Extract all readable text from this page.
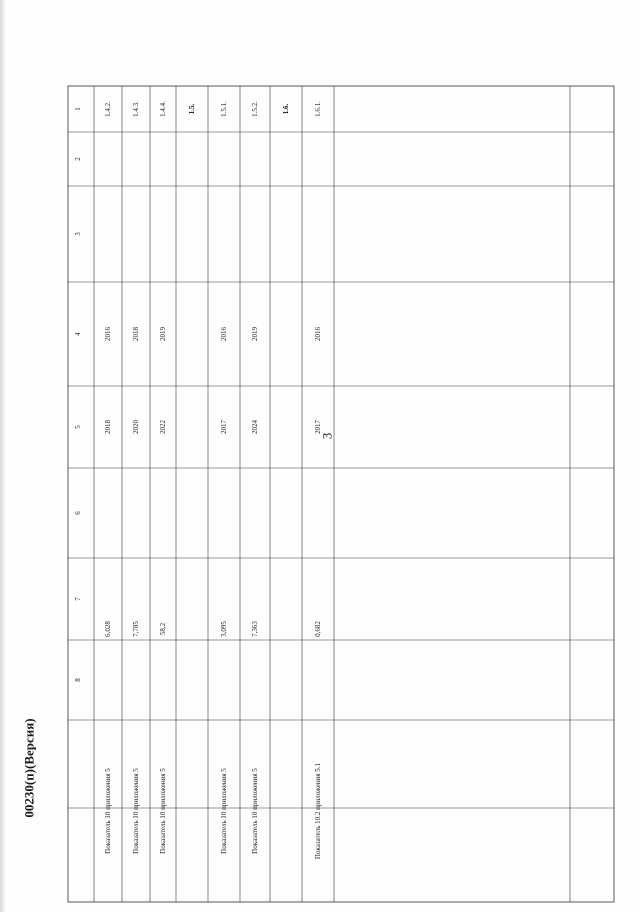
1
2
3
4
5
6
7
8
1.4.2.
2016
2018
6,028
Показатель 10 приложения 5
1.4.3.
2018
2020
7,785
Показатель 10 приложения 5
1.4.4.
2019
2022
58,2
Показатель 10 приложения 5
1.5.	1.5.1.
2016
2017
3,095
Показатель 10 приложения 5
1.5.2.
2019
2024
7,363
Показатель 10 приложения 5
1.6.	1.6.1.
2016
2017
0,682
Показатель 10.2 приложения 5.1
3
00230(п)(Версия)
